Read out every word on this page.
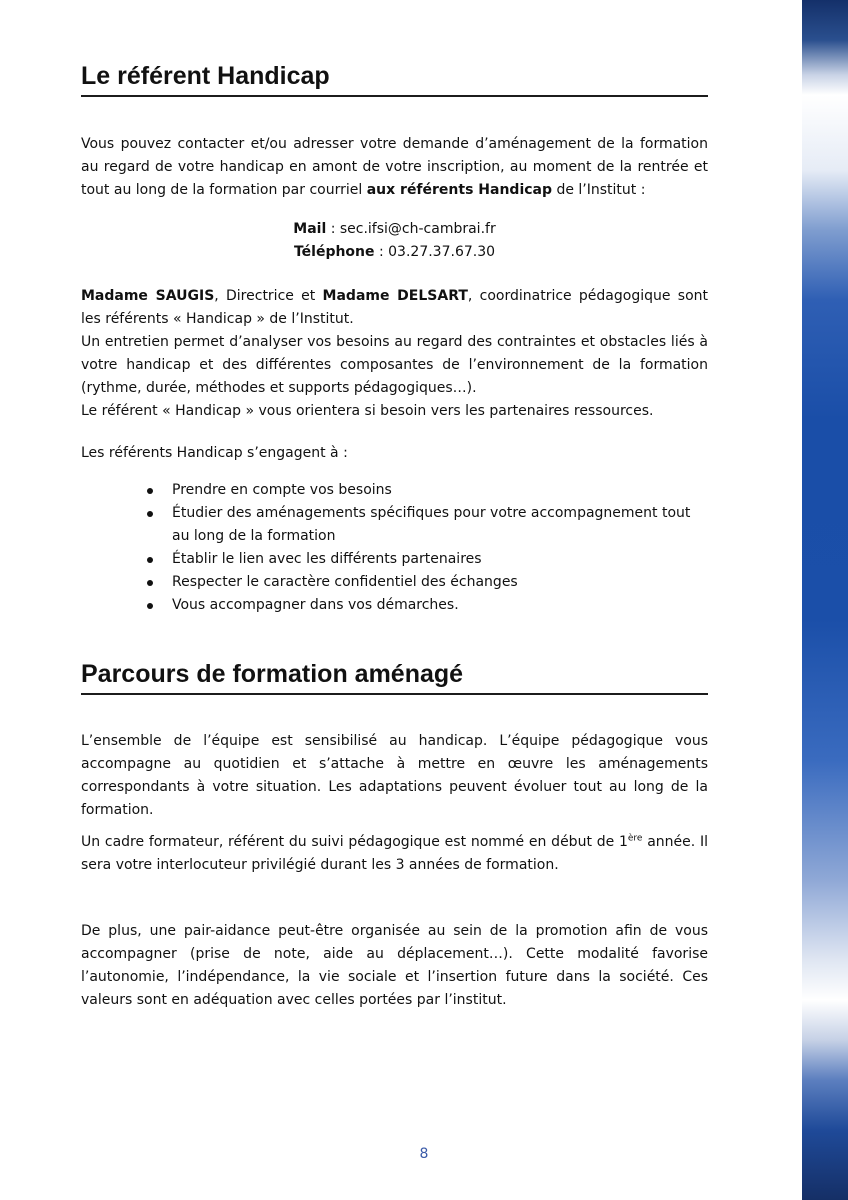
Le référent Handicap

Vous pouvez contacter et/ou adresser votre demande d’aménagement de la formation au regard de votre handicap en amont de votre inscription, au moment de la rentrée et tout au long de la formation par courriel aux référents Handicap de l’Institut :

Mail : sec.ifsi@ch-cambrai.fr

Téléphone : 03.27.37.67.30

Madame SAUGIS, Directrice et Madame DELSART, coordinatrice pédagogique sont les référents « Handicap » de l’Institut.

Un entretien permet d’analyser vos besoins au regard des contraintes et obstacles liés à votre handicap et des différentes composantes de l’environnement de la formation (rythme, durée, méthodes et supports pédagogiques…).

Le référent « Handicap » vous orientera si besoin vers les partenaires ressources.

Les référents Handicap s’engagent à :

Prendre en compte vos besoins
Étudier des aménagements spécifiques pour votre accompagnement tout au long de la formation
Établir le lien avec les différents partenaires
Respecter le caractère confidentiel des échanges
Vous accompagner dans vos démarches.
Parcours de formation aménagé

L’ensemble de l’équipe est sensibilisé au handicap. L’équipe pédagogique vous accompagne au quotidien et s’attache à mettre en œuvre les aménagements correspondants à votre situation. Les adaptations peuvent évoluer tout au long de la formation.

Un cadre formateur, référent du suivi pédagogique est nommé en début de 1ère année. Il sera votre interlocuteur privilégié durant les 3 années de formation.

De plus, une pair-aidance peut-être organisée au sein de la promotion afin de vous accompagner (prise de note, aide au déplacement…). Cette modalité favorise l’autonomie, l’indépendance, la vie sociale et l’insertion future dans la société. Ces valeurs sont en adéquation avec celles portées par l’institut.

8
